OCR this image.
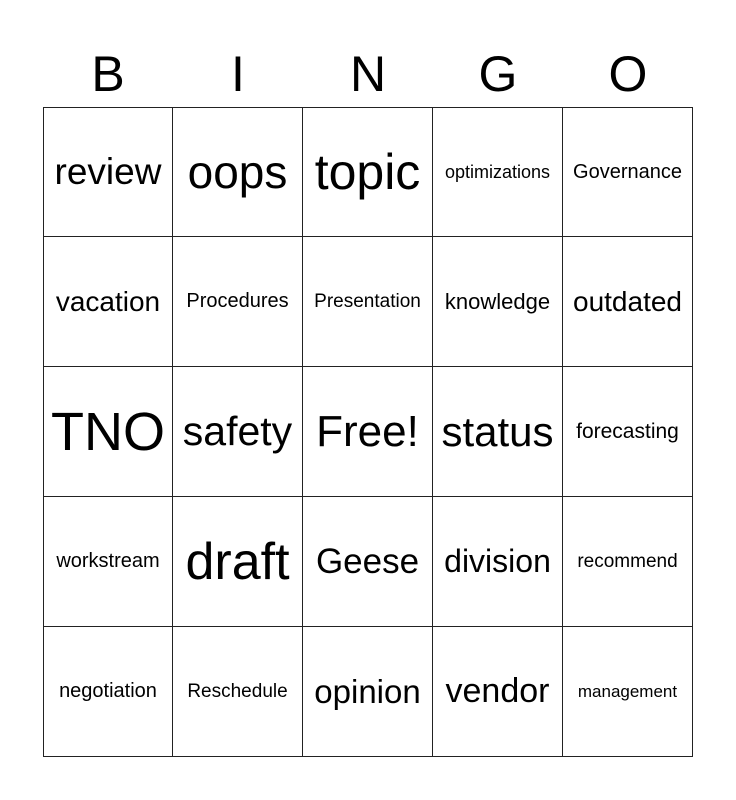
B	I	N	G	O
review oops topic optimizations Governance
vacation Procedures Presentation knowledge outdated
TNO safety Free! status forecasting
workstream draft Geese division recommend
negotiation Reschedule opinion vendor management
